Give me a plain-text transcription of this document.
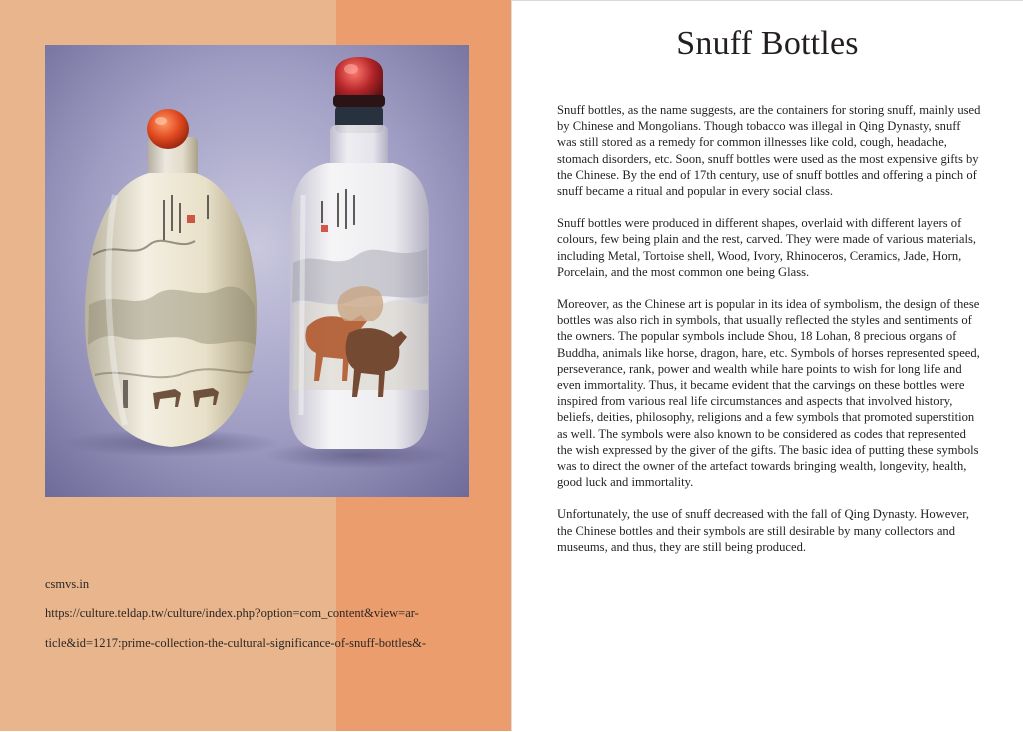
csmvs.in
https://culture.teldap.tw/culture/index.php?option=com_content&view=ar-
ticle&id=1217:prime-collection-the-cultural-significance-of-snuff-bottles&-
Snuff Bottles

Snuff bottles, as the name suggests, are the containers for storing snuff, mainly used by Chinese and Mongolians. Though tobacco was illegal in Qing Dynasty, snuff was still stored as a remedy for common illnesses like cold, cough, headache, stomach disorders, etc. Soon, snuff bottles were used as the most expensive gifts by the Chinese. By the end of 17th century, use of snuff bottles and offering a pinch of snuff became a ritual and popular in every social class.

Snuff bottles were produced in different shapes, overlaid with different layers of colours, few being plain and the rest, carved. They were made of various materials, including Metal, Tortoise shell, Wood, Ivory, Rhinoceros, Ceramics, Jade, Horn, Porcelain, and the most common one being Glass.

Moreover, as the Chinese art is popular in its idea of symbolism, the design of these bottles was also rich in symbols, that usually reflected the styles and sentiments of the owners. The popular symbols include Shou, 18 Lohan, 8 precious organs of Buddha, animals like horse, dragon, hare, etc. Symbols of horses represented speed, perseverance, rank, power and wealth while hare points to wish for long life and even immortality. Thus, it became evident that the carvings on these bottles were inspired from various real life circumstances and aspects that involved history, beliefs, deities, philosophy, religions and a few symbols that promoted superstition as well. The symbols were also known to be considered as codes that represented the wish expressed by the giver of the gifts. The basic idea of putting these symbols was to direct the owner of the artefact towards bringing wealth, longevity, health, good luck and immortality.

Unfortunately, the use of snuff decreased with the fall of Qing Dynasty. However, the Chinese bottles and their symbols are still desirable by many collectors and museums, and thus, they are still being produced.
